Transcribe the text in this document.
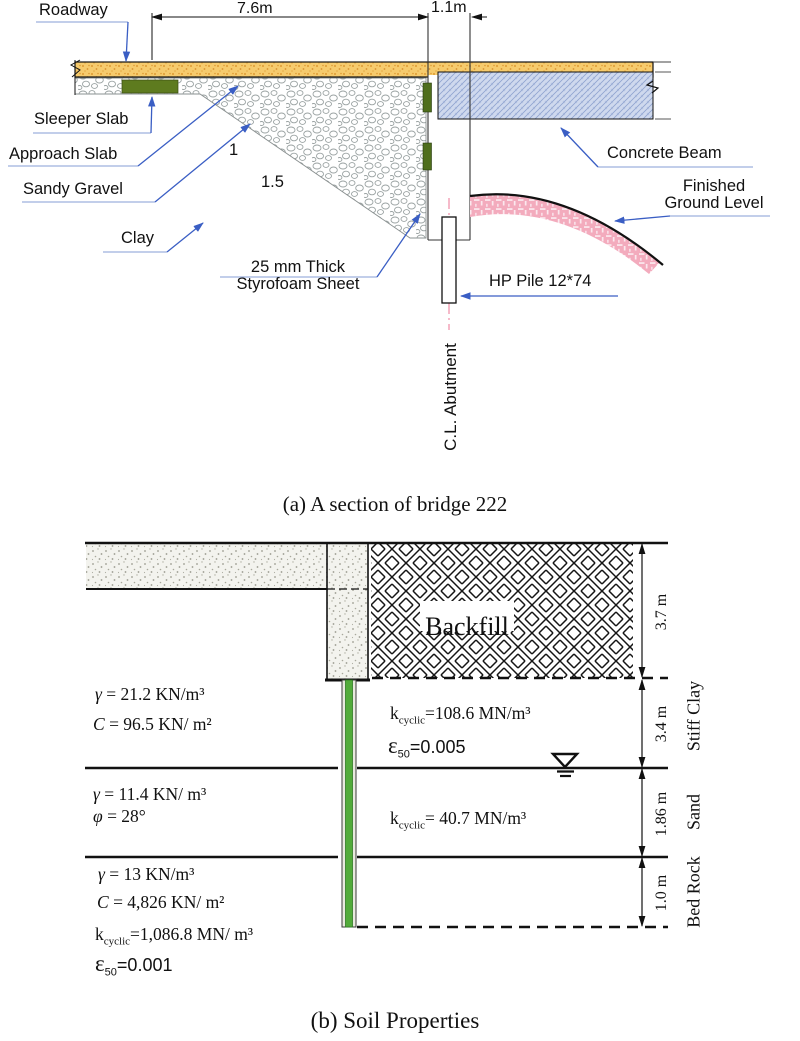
Roadway
Sleeper Slab
Approach Slab
Sandy Gravel
Clay
1
1.5
7.6m	1.1m
25 mm Thick
Styrofoam Sheet	HP Pile 12*74
Concrete Beam
Finished
Ground Level
C.L. Abutment
(a) A section of bridge 222
Backfill
γ = 21.2 KN/m³
C = 96.5 KN/ m²
$k_{cyclic}=108.6$ MN/m³
$\varepsilon_{50}=0.005$
γ = 11.4 KN/ m³
φ = 28°	$k_{cyclic}= 40.7$ MN/m³
γ = 13 KN/m³
C = 4,826 KN/ m²
$k_{cyclic}=1,086.8$ MN/ m³
$\varepsilon_{50}=0.001$
3.7 m
3.4 m
1.86 m
1.0 m
Stiff Clay
Sand
Bed Rock
(b) Soil Properties
